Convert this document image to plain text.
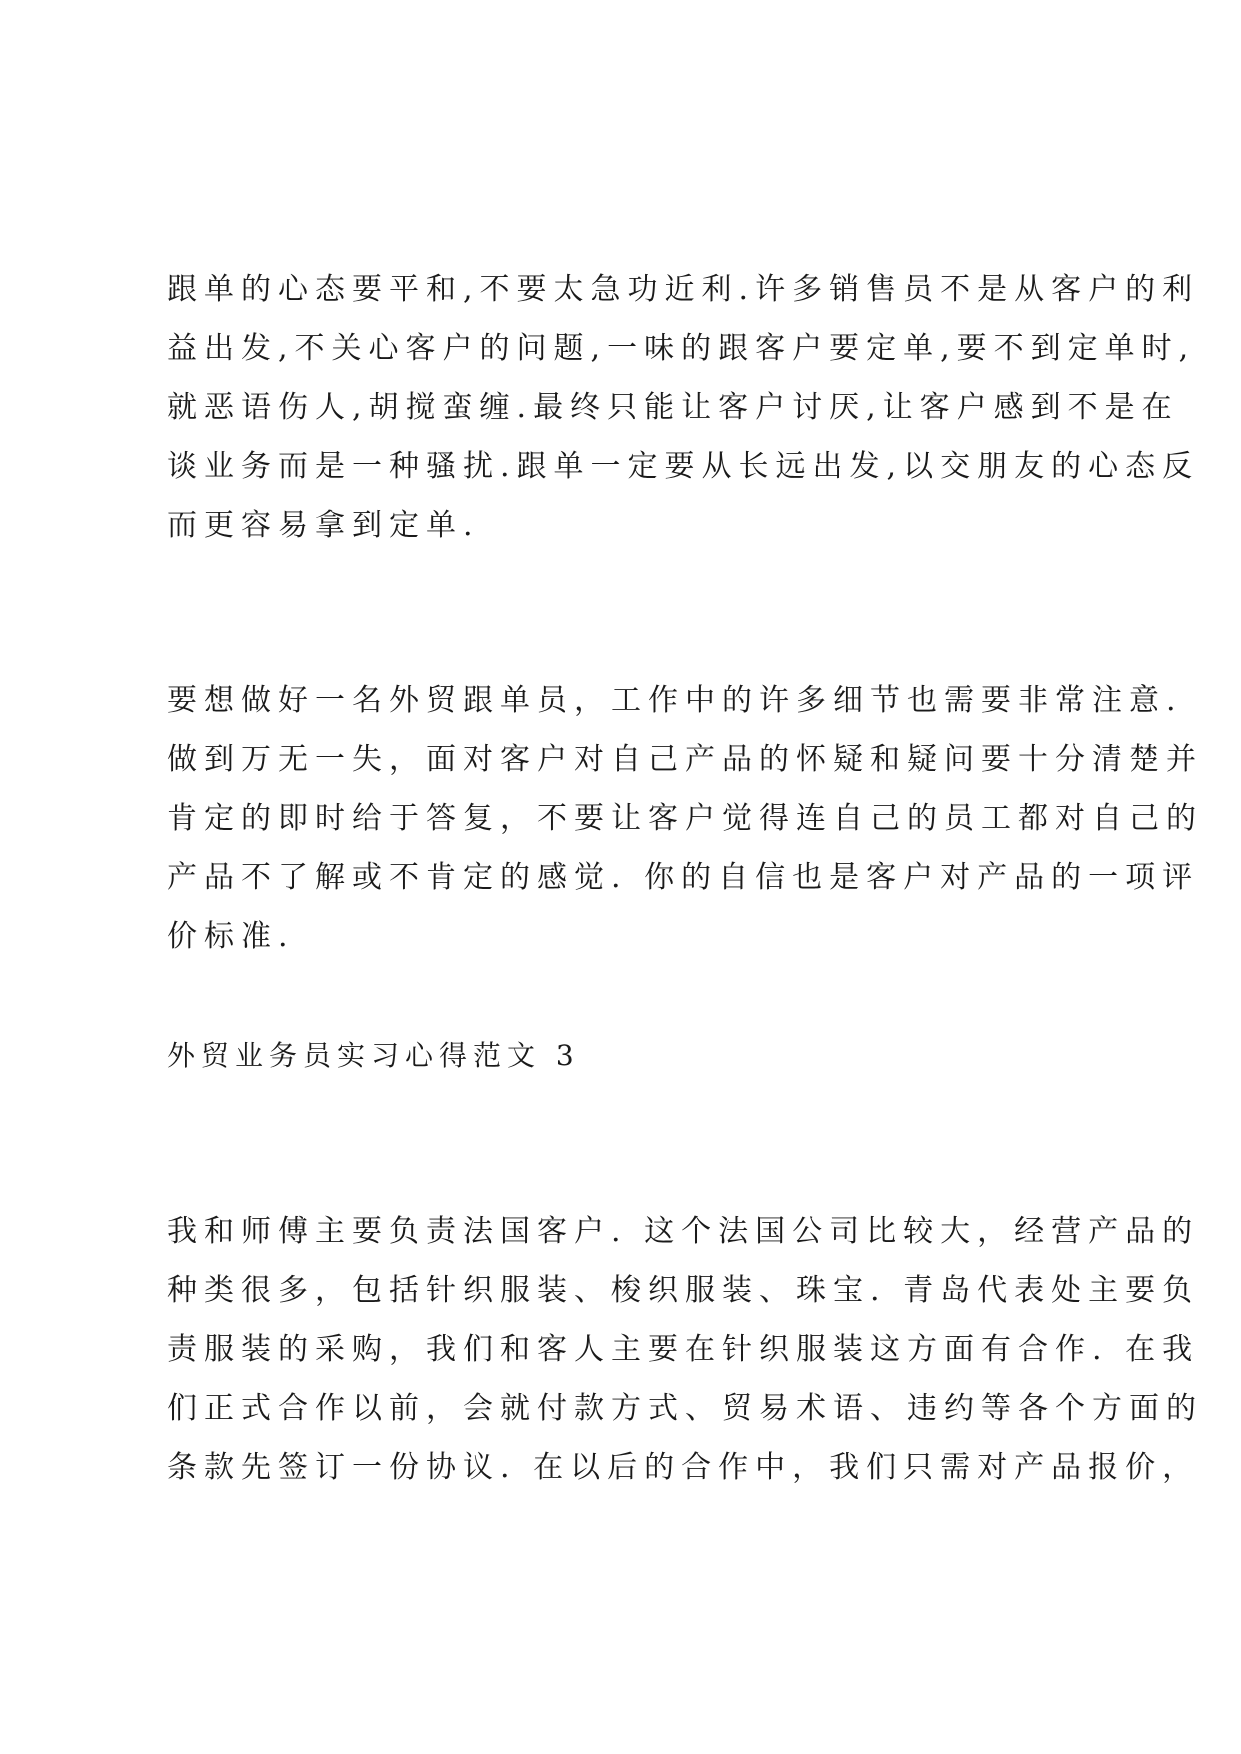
跟单的心态要平和,不要太急功近利.许多销售员不是从客户的利
益出发,不关心客户的问题,一味的跟客户要定单,要不到定单时,
就恶语伤人,胡搅蛮缠.最终只能让客户讨厌,让客户感到不是在
谈业务而是一种骚扰.跟单一定要从长远出发,以交朋友的心态反
而更容易拿到定单.
要想做好一名外贸跟单员，工作中的许多细节也需要非常注意.
做到万无一失，面对客户对自己产品的怀疑和疑问要十分清楚并
肯定的即时给于答复，不要让客户觉得连自己的员工都对自己的
产品不了解或不肯定的感觉. 你的自信也是客户对产品的一项评
价标准.
外贸业务员实习心得范文 3
我和师傅主要负责法国客户. 这个法国公司比较大，经营产品的
种类很多，包括针织服装、梭织服装、珠宝. 青岛代表处主要负
责服装的采购，我们和客人主要在针织服装这方面有合作. 在我
们正式合作以前，会就付款方式、贸易术语、违约等各个方面的
条款先签订一份协议. 在以后的合作中，我们只需对产品报价，
